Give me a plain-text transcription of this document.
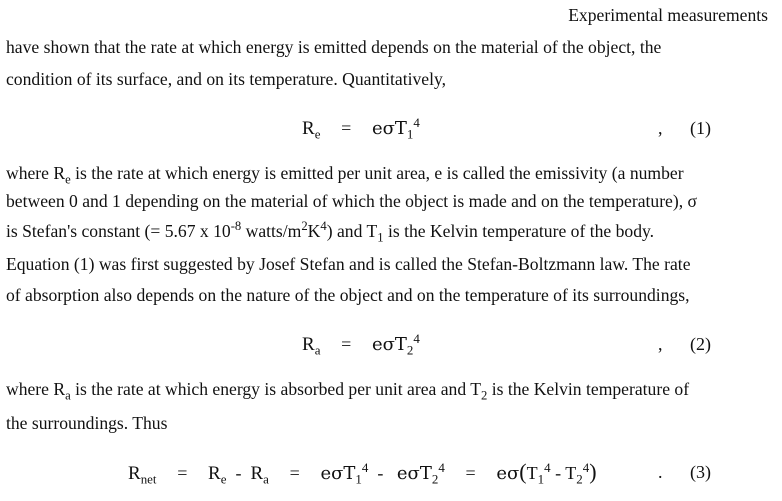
Experimental measurements
have shown that the rate at which energy is emitted depends on the material of the object, the
condition of its surface, and on its temperature. Quantitatively,
$R_e = e\sigma T_1^4$	, (1)
where $R_e$ is the rate at which energy is emitted per unit area, e is called the emissivity (a number
between 0 and 1 depending on the material of which the object is made and on the temperature), σ
is Stefan's constant (= 5.67 x $10^{-8}$ watts/$m^2K^4$) and $T_1$ is the Kelvin temperature of the body.
Equation (1) was first suggested by Josef Stefan and is called the Stefan-Boltzmann law. The rate
of absorption also depends on the nature of the object and on the temperature of its surroundings,
$R_a = e\sigma T_2^4$	, (2)
where $R_a$ is the rate at which energy is absorbed per unit area and $T_2$ is the Kelvin temperature of
the surroundings. Thus
$R_{net} = R_e - R_a = e\sigma T_1^4 - e\sigma T_2^4 = e\sigma(T_1^4 - T_2^4)$	. (3)
